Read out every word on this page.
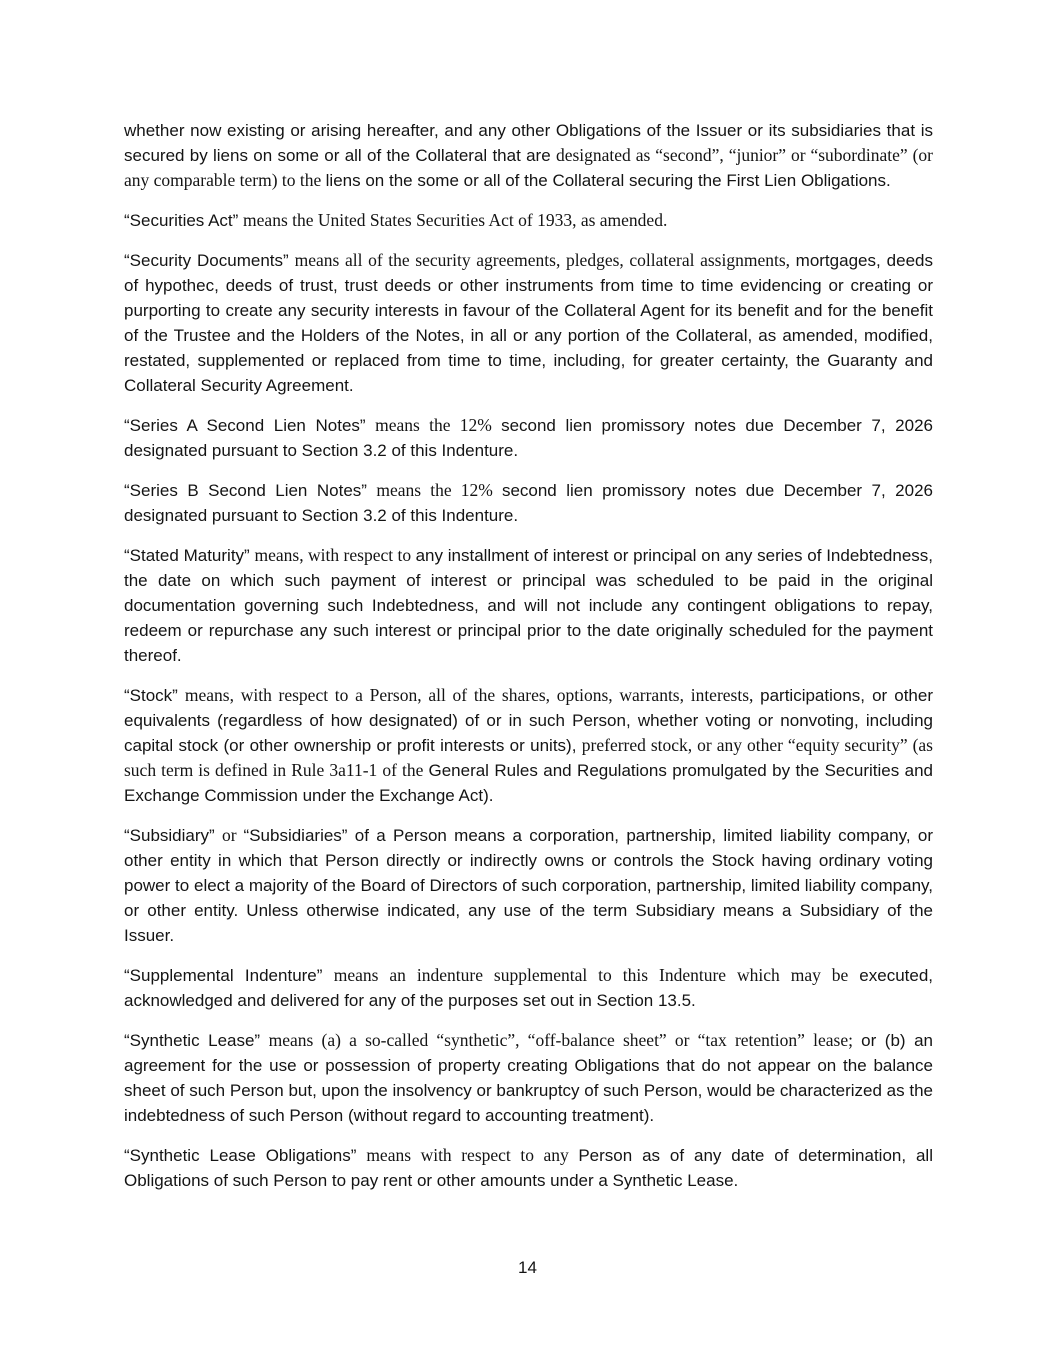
whether now existing or arising hereafter, and any other Obligations of the Issuer or its subsidiaries that is secured by liens on some or all of the Collateral that are designated as “second”, “junior” or “subordinate” (or any comparable term) to the liens on the some or all of the Collateral securing the First Lien Obligations.

“Securities Act” means the United States Securities Act of 1933, as amended.

“Security Documents” means all of the security agreements, pledges, collateral assignments, mortgages, deeds of hypothec, deeds of trust, trust deeds or other instruments from time to time evidencing or creating or purporting to create any security interests in favour of the Collateral Agent for its benefit and for the benefit of the Trustee and the Holders of the Notes, in all or any portion of the Collateral, as amended, modified, restated, supplemented or replaced from time to time, including, for greater certainty, the Guaranty and Collateral Security Agreement.

“Series A Second Lien Notes” means the 12% second lien promissory notes due December 7, 2026 designated pursuant to Section 3.2 of this Indenture.

“Series B Second Lien Notes” means the 12% second lien promissory notes due December 7, 2026 designated pursuant to Section 3.2 of this Indenture.

“Stated Maturity” means, with respect to any installment of interest or principal on any series of Indebtedness, the date on which such payment of interest or principal was scheduled to be paid in the original documentation governing such Indebtedness, and will not include any contingent obligations to repay, redeem or repurchase any such interest or principal prior to the date originally scheduled for the payment thereof.

“Stock” means, with respect to a Person, all of the shares, options, warrants, interests, participations, or other equivalents (regardless of how designated) of or in such Person, whether voting or nonvoting, including capital stock (or other ownership or profit interests or units), preferred stock, or any other “equity security” (as such term is defined in Rule 3a11-1 of the General Rules and Regulations promulgated by the Securities and Exchange Commission under the Exchange Act).

“Subsidiary” or “Subsidiaries” of a Person means a corporation, partnership, limited liability company, or other entity in which that Person directly or indirectly owns or controls the Stock having ordinary voting power to elect a majority of the Board of Directors of such corporation, partnership, limited liability company, or other entity. Unless otherwise indicated, any use of the term Subsidiary means a Subsidiary of the Issuer.

“Supplemental Indenture” means an indenture supplemental to this Indenture which may be executed, acknowledged and delivered for any of the purposes set out in Section 13.5.

“Synthetic Lease” means (a) a so-called “synthetic”, “off-balance sheet” or “tax retention” lease; or (b) an agreement for the use or possession of property creating Obligations that do not appear on the balance sheet of such Person but, upon the insolvency or bankruptcy of such Person, would be characterized as the indebtedness of such Person (without regard to accounting treatment).

“Synthetic Lease Obligations” means with respect to any Person as of any date of determination, all Obligations of such Person to pay rent or other amounts under a Synthetic Lease.

14
